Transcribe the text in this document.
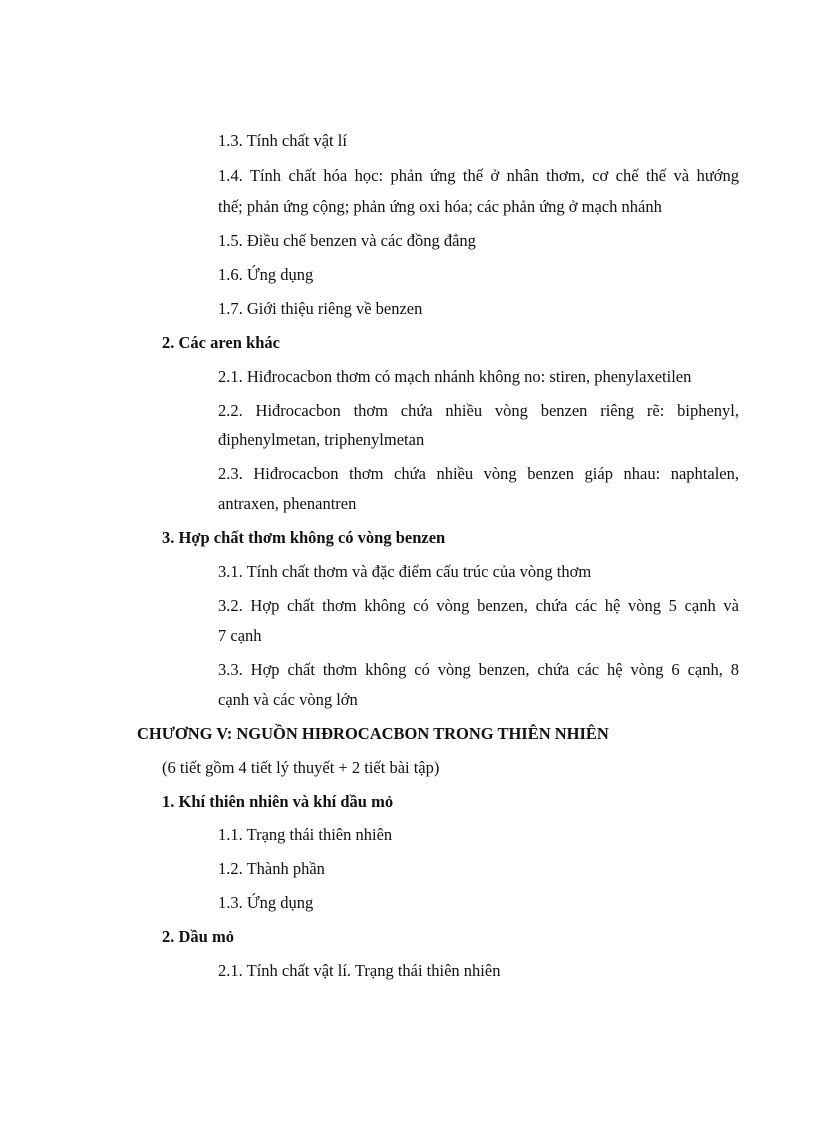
1.3. Tính chất vật lí
1.4. Tính chất hóa học: phản ứng thế ở nhân thơm, cơ chế thế và hướng
thế; phản ứng cộng; phản ứng oxi hóa; các phản ứng ở mạch nhánh
1.5. Điều chế benzen và các đồng đẳng
1.6. Ứng dụng
1.7. Giới thiệu riêng về benzen
2. Các aren khác
2.1. Hiđrocacbon thơm có mạch nhánh không no: stiren, phenylaxetilen
2.2. Hiđrocacbon thơm chứa nhiều vòng benzen riêng rẽ: biphenyl,
điphenylmetan, triphenylmetan
2.3. Hiđrocacbon thơm chứa nhiều vòng benzen giáp nhau: naphtalen,
antraxen, phenantren
3. Hợp chất thơm không có vòng benzen
3.1. Tính chất thơm và đặc điểm cấu trúc của vòng thơm
3.2. Hợp chất thơm không có vòng benzen, chứa các hệ vòng 5 cạnh và
7 cạnh
3.3. Hợp chất thơm không có vòng benzen, chứa các hệ vòng 6 cạnh, 8
cạnh và các vòng lớn
CHƯƠNG V: NGUỒN HIĐROCACBON TRONG THIÊN NHIÊN
(6 tiết gồm 4 tiết lý thuyết + 2 tiết bài tập)
1. Khí thiên nhiên và khí dầu mỏ
1.1. Trạng thái thiên nhiên
1.2. Thành phần
1.3. Ứng dụng
2. Dầu mỏ
2.1. Tính chất vật lí. Trạng thái thiên nhiên
